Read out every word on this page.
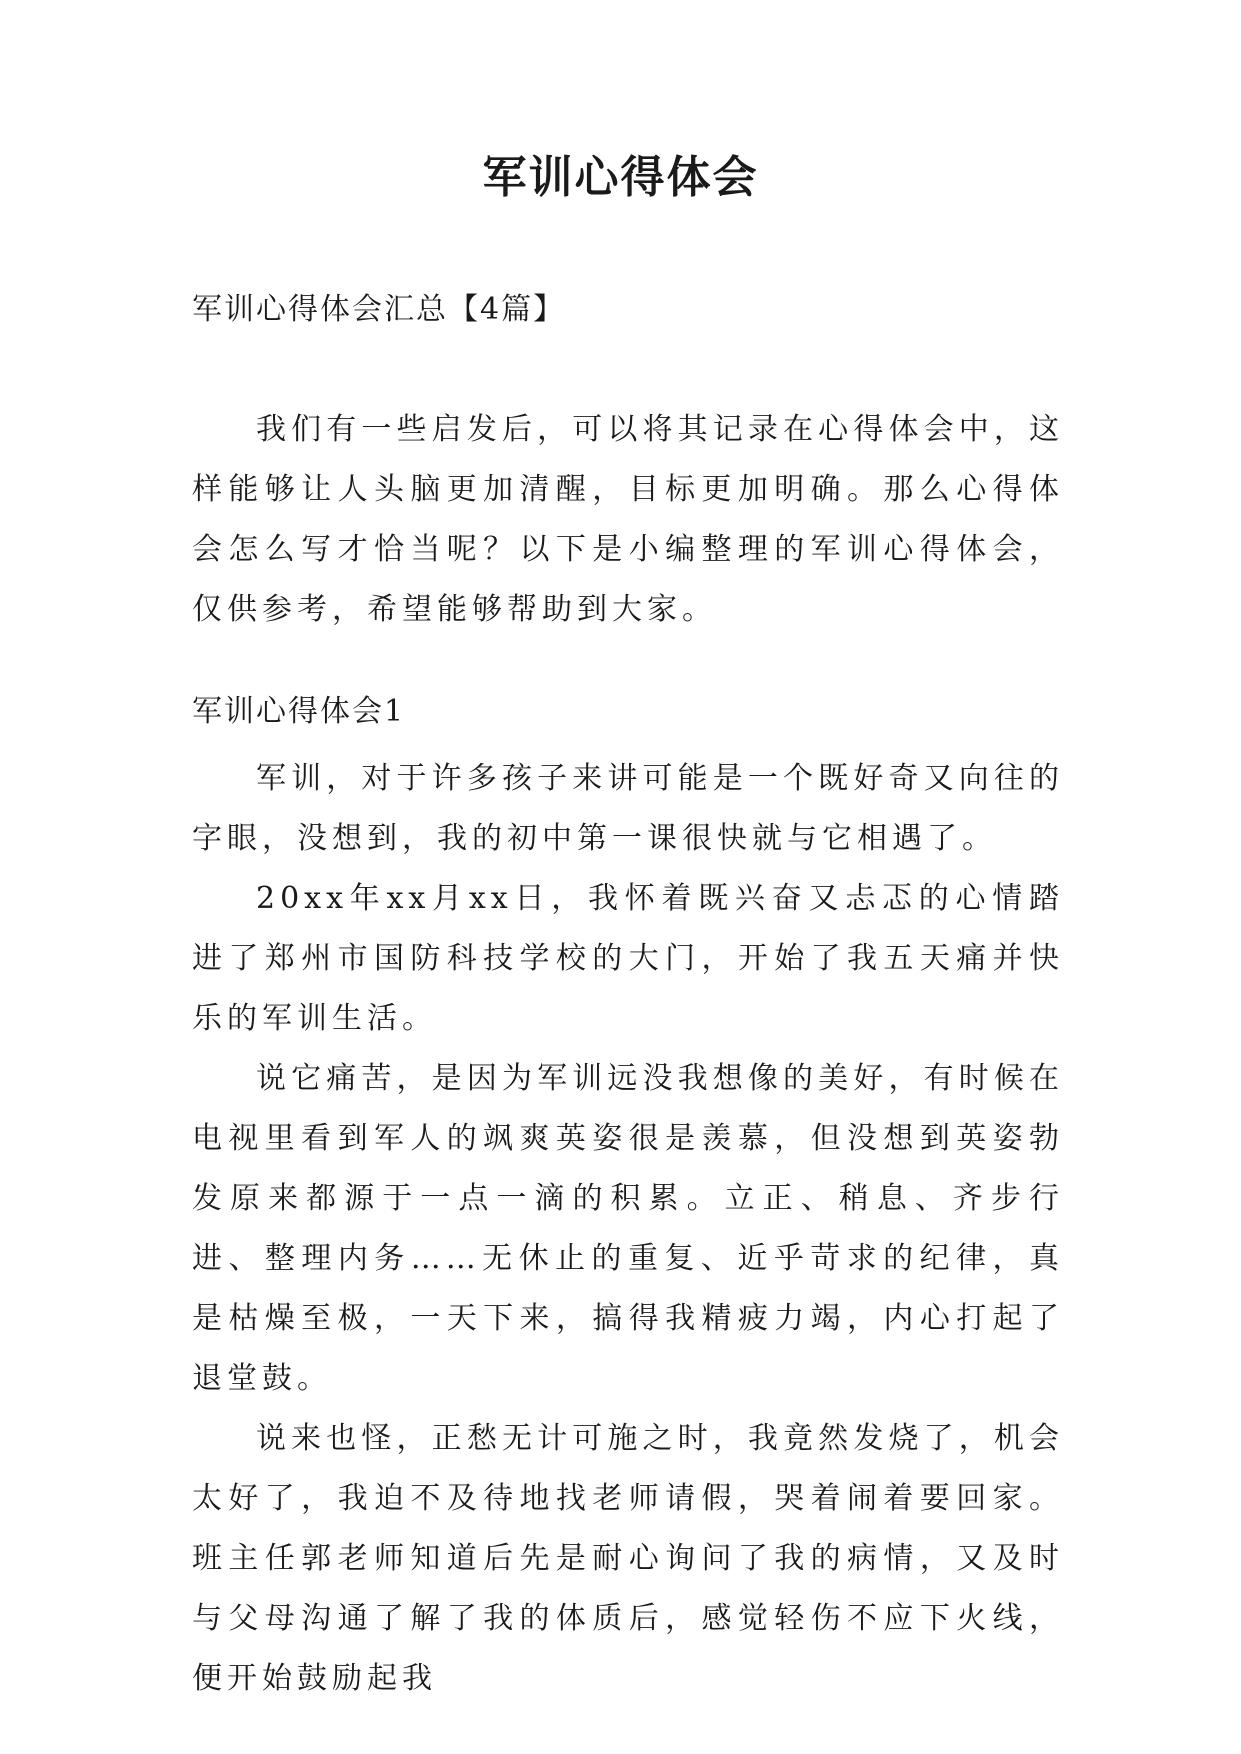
军训心得体会
军训心得体会汇总【4篇】

我们有一些启发后，可以将其记录在心得体会中，这样能够让人头脑更加清醒，目标更加明确。那么心得体会怎么写才恰当呢？以下是小编整理的军训心得体会，仅供参考，希望能够帮助到大家。

军训心得体会1

军训，对于许多孩子来讲可能是一个既好奇又向往的字眼，没想到，我的初中第一课很快就与它相遇了。

20xx年xx月xx日，我怀着既兴奋又忐忑的心情踏进了郑州市国防科技学校的大门，开始了我五天痛并快乐的军训生活。

说它痛苦，是因为军训远没我想像的美好，有时候在电视里看到军人的飒爽英姿很是羡慕，但没想到英姿勃发原来都源于一点一滴的积累。立正、稍息、齐步行进、整理内务……无休止的重复、近乎苛求的纪律，真是枯燥至极，一天下来，搞得我精疲力竭，内心打起了退堂鼓。

说来也怪，正愁无计可施之时，我竟然发烧了，机会太好了，我迫不及待地找老师请假，哭着闹着要回家。班主任郭老师知道后先是耐心询问了我的病情，又及时与父母沟通了解了我的体质后，感觉轻伤不应下火线，便开始鼓励起我
